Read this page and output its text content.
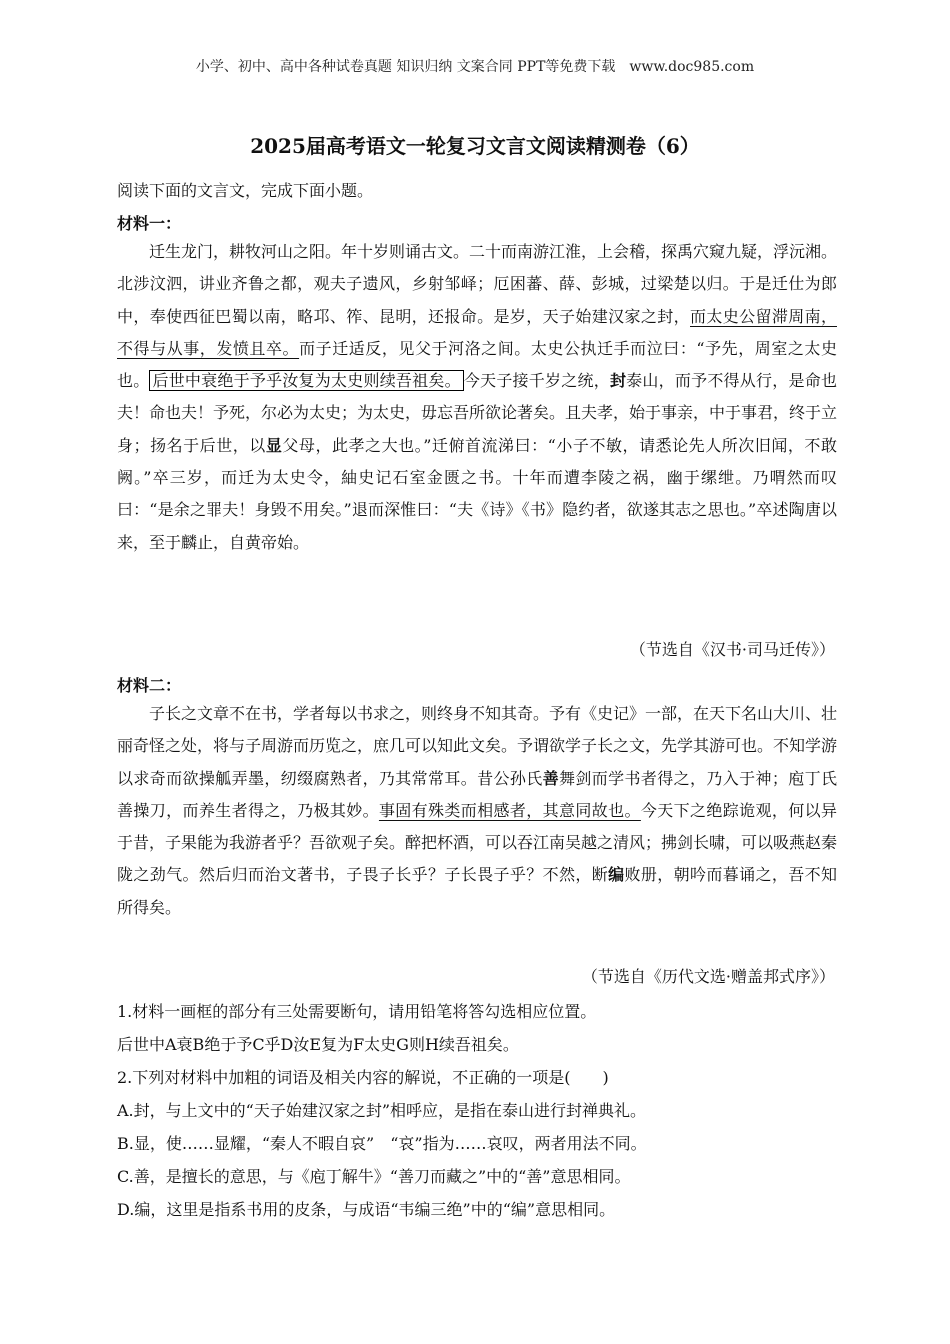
小学、初中、高中各种试卷真题 知识归纳 文案合同 PPT等免费下载　www.doc985.com
2025届高考语文一轮复习文言文阅读精测卷（6）
阅读下面的文言文，完成下面小题。
材料一：
迁生龙门，耕牧河山之阳。年十岁则诵古文。二十而南游江淮，上会稽，探禹穴窥九疑，浮沅湘。北涉汶泗，讲业齐鲁之都，观夫子遗风，乡射邹峄；厄困蕃、薛、彭城，过梁楚以归。于是迁仕为郎中，奉使西征巴蜀以南，略邛、筰、昆明，还报命。是岁，天子始建汉家之封，而太史公留滞周南，不得与从事，发愤且卒。而子迁适反，见父于河洛之间。太史公执迁手而泣曰：“予先，周室之太史也。 后世中衰绝于予乎汝复为太史则续吾祖矣。 今天子接千岁之统，封泰山，而予不得从行，是命也夫！命也夫！予死，尔必为太史；为太史，毋忘吾所欲论著矣。且夫孝，始于事亲，中于事君，终于立身；扬名于后世，以显父母，此孝之大也。”迁俯首流涕曰：“小子不敏，请悉论先人所次旧闻，不敢阙。”卒三岁，而迁为太史令，紬史记石室金匮之书。十年而遭李陵之祸，幽于缧绁。乃喟然而叹曰：“是余之罪夫！身毁不用矣。”退而深惟曰：“夫《诗》《书》隐约者，欲遂其志之思也。”卒述陶唐以来，至于麟止，自黄帝始。
（节选自《汉书·司马迁传》）
材料二：
子长之文章不在书，学者每以书求之，则终身不知其奇。予有《史记》一部，在天下名山大川、壮丽奇怪之处，将与子周游而历览之，庶几可以知此文矣。予谓欲学子长之文，先学其游可也。不知学游以求奇而欲操觚弄墨，纫缀腐熟者，乃其常常耳。昔公孙氏善舞剑而学书者得之，乃入于神；庖丁氏善操刀，而养生者得之，乃极其妙。事固有殊类而相感者，其意同故也。今天下之绝踪诡观，何以异于昔，子果能为我游者乎？吾欲观子矣。醉把杯酒，可以吞江南吴越之清风；拂剑长啸，可以吸燕赵秦陇之劲气。然后归而治文著书，子畏子长乎？子长畏子乎？不然，断编败册，朝吟而暮诵之，吾不知所得矣。
（节选自《历代文选·赠盖邦式序》）
1.材料一画框的部分有三处需要断句，请用铅笔将答勾选相应位置。
后世中A衰B绝于予C乎D汝E复为F太史G则H续吾祖矣。
2.下列对材料中加粗的词语及相关内容的解说，不正确的一项是(　　)
A.封，与上文中的“天子始建汉家之封”相呼应，是指在泰山进行封禅典礼。
B.显，使……显耀，“秦人不暇自哀”　“哀”指为……哀叹，两者用法不同。
C.善，是擅长的意思，与《庖丁解牛》“善刀而藏之”中的“善”意思相同。
D.编，这里是指系书用的皮条，与成语“韦编三绝”中的“编”意思相同。
